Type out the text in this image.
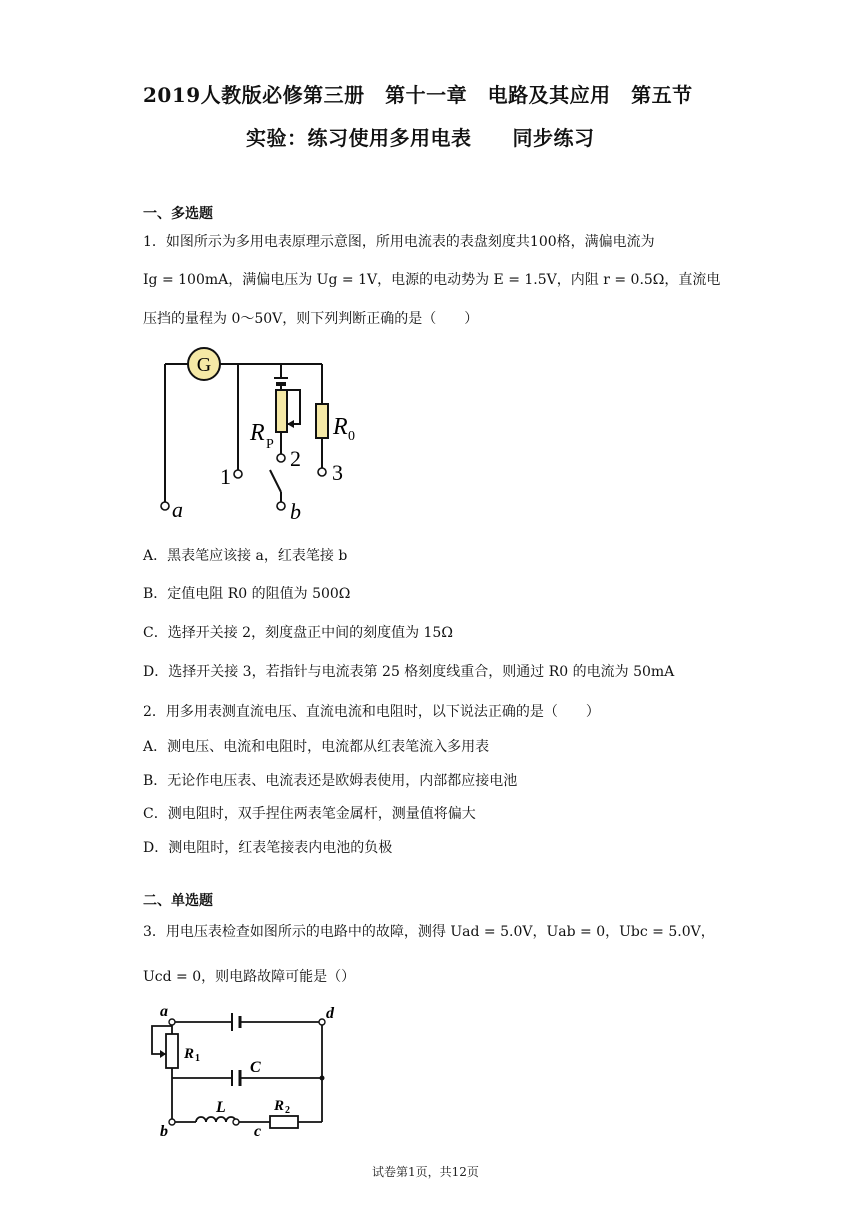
2019人教版必修第三册　第十一章　电路及其应用　第五节
实验：练习使用多用电表　　同步练习
一、多选题
1．如图所示为多用电表原理示意图，所用电流表的表盘刻度共100格，满偏电流为
Ig = 100mA，满偏电压为 Ug = 1V，电源的电动势为 E = 1.5V，内阻 r = 0.5Ω，直流电
压挡的量程为 0～50V，则下列判断正确的是（　　）
G
R P
R 0
1
2
3
a	b
A．黑表笔应该接 a，红表笔接 b
B．定值电阻 R0 的阻值为 500Ω
C．选择开关接 2，刻度盘正中间的刻度值为 15Ω
D．选择开关接 3，若指针与电流表第 25 格刻度线重合，则通过 R0 的电流为 50mA
2．用多用表测直流电压、直流电流和电阻时，以下说法正确的是（　　）
A．测电压、电流和电阻时，电流都从红表笔流入多用表
B．无论作电压表、电流表还是欧姆表使用，内部都应接电池
C．测电阻时，双手捏住两表笔金属杆，测量值将偏大
D．测电阻时，红表笔接表内电池的负极
二、单选题
3．用电压表检查如图所示的电路中的故障，测得 Uad = 5.0V，Uab = 0，Ubc = 5.0V，
Ucd = 0，则电路故障可能是（）
a	d
b	c
R 1
C
L	R 2
试卷第1页，共12页
